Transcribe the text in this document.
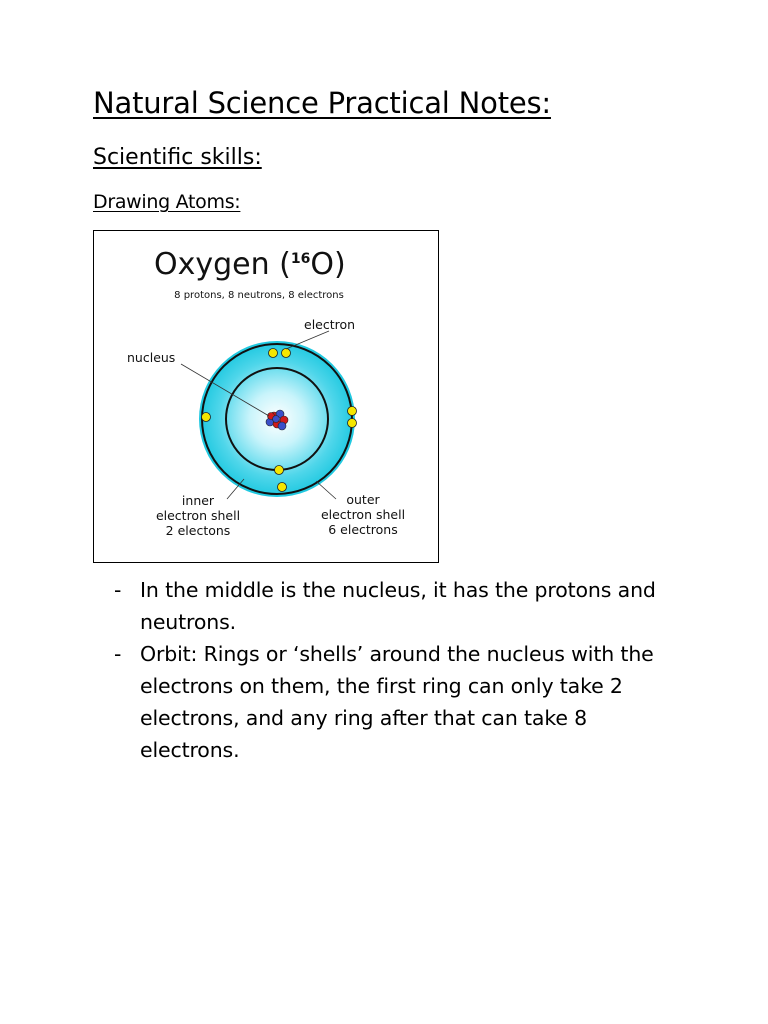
Natural Science Practical Notes:
Scientific skills:
Drawing Atoms:
Oxygen ($^{16}$O)
8 protons, 8 neutrons, 8 electrons
electron
nucleus
inner
electron shell
2 electons
outer
electron shell
6 electrons
- In the middle is the nucleus, it has the protons and neutrons.
- Orbit: Rings or ‘shells’ around the nucleus with the electrons on them, the first ring can only take 2 electrons, and any ring after that can take 8 electrons.
